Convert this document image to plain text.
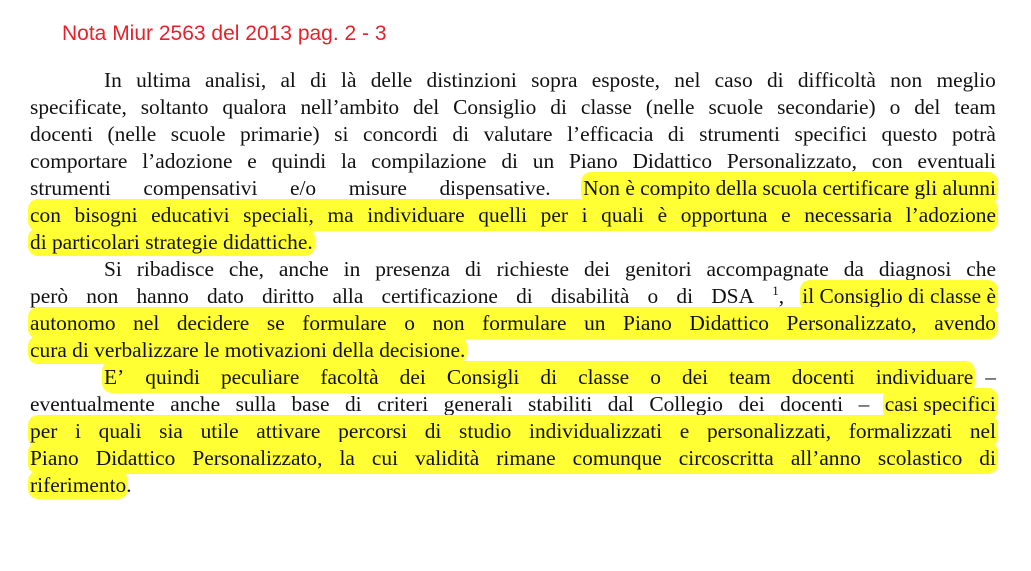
Nota Miur 2563 del 2013 pag. 2 - 3
In ultima analisi, al di là delle distinzioni sopra esposte, nel caso di difficoltà non meglio
specificate, soltanto qualora nell’ambito del Consiglio di classe (nelle scuole secondarie) o del team
docenti (nelle scuole primarie) si concordi di valutare l’efficacia di strumenti specifici questo potrà
comportare l’adozione e quindi la compilazione di un Piano Didattico Personalizzato, con eventuali
strumenti compensativi e/o misure dispensative. Non è compito della scuola certificare gli alunni
con bisogni educativi speciali, ma individuare quelli per i quali è opportuna e necessaria l’adozione
di particolari strategie didattiche.
Si ribadisce che, anche in presenza di richieste dei genitori accompagnate da diagnosi che
però non hanno dato diritto alla certificazione di disabilità o di DSA $^1$, il Consiglio di classe è
autonomo nel decidere se formulare o non formulare un Piano Didattico Personalizzato, avendo
cura di verbalizzare le motivazioni della decisione.
E’ quindi peculiare facoltà dei Consigli di classe o dei team docenti individuare –
eventualmente anche sulla base di criteri generali stabiliti dal Collegio dei docenti – casi specifici
per i quali sia utile attivare percorsi di studio individualizzati e personalizzati, formalizzati nel
Piano Didattico Personalizzato, la cui validità rimane comunque circoscritta all’anno scolastico di
riferimento.
